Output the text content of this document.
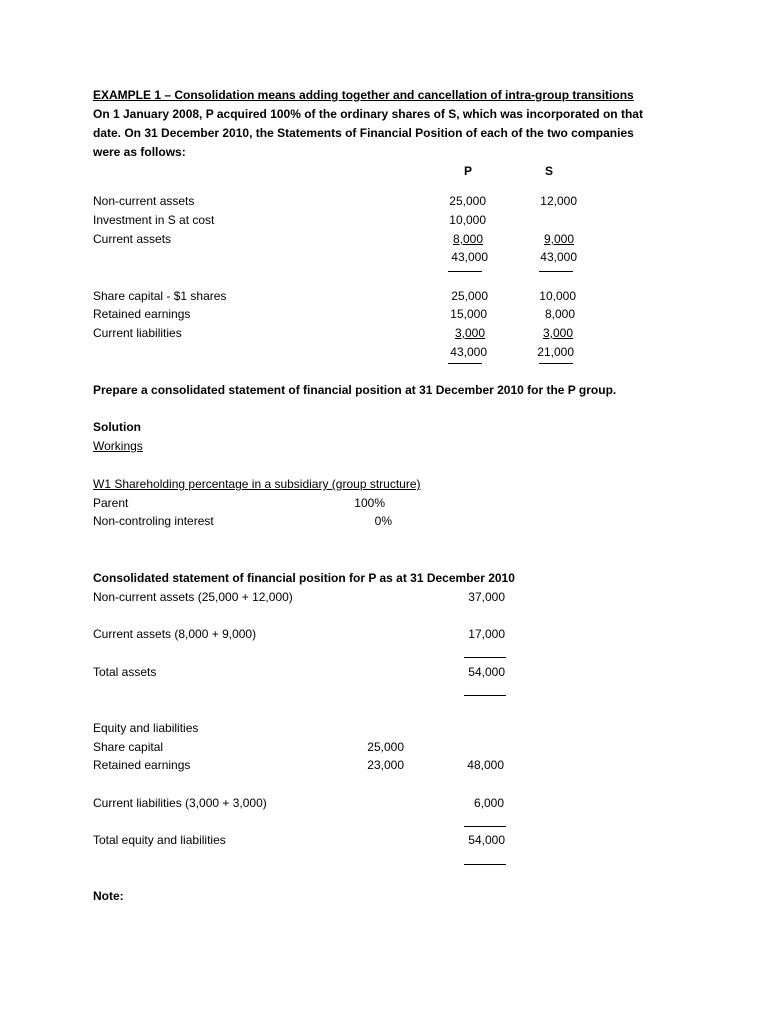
EXAMPLE 1 – Consolidation means adding together and cancellation of intra-group transitions
On 1 January 2008, P acquired 100% of the ordinary shares of S, which was incorporated on that
date. On 31 December 2010, the Statements of Financial Position of each of the two companies
were as follows:
P	S
Non-current assets	25,000	12,000
Investment in S at cost	10,000
Current assets	8,000	9,000
43,000	43,000
Share capital - $1 shares	25,000	10,000
Retained earnings	15,000	8,000
Current liabilities	3,000	3,000
43,000	21,000
Prepare a consolidated statement of financial position at 31 December 2010 for the P group.
Solution
Workings
W1 Shareholding percentage in a subsidiary (group structure)
Parent	100%
Non-controling interest	0%
Consolidated statement of financial position for P as at 31 December 2010
Non-current assets (25,000 + 12,000)	37,000
Current assets (8,000 + 9,000)	17,000
Total assets	54,000
Equity and liabilities
Share capital	25,000
Retained earnings	23,000	48,000
Current liabilities (3,000 + 3,000)	6,000
Total equity and liabilities	54,000
Note:
